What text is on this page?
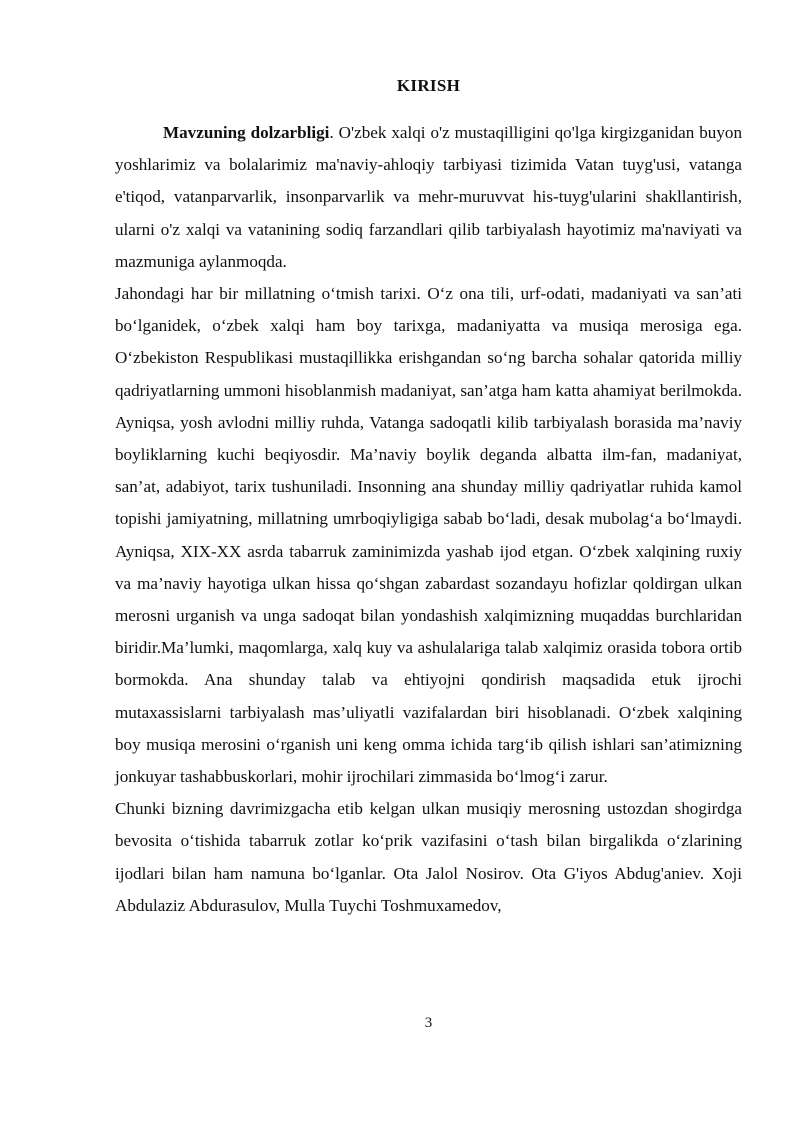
KIRISH

Mavzuning dolzarbligi. O'zbek xalqi o'z mustaqilligini qo'lga kirgizganidan buyon yoshlarimiz va bolalarimiz ma'naviy-ahloqiy tarbiyasi tizimida Vatan tuyg'usi, vatanga e'tiqod, vatanparvarlik, insonparvarlik va mehr-muruvvat his-tuyg'ularini shakllantirish, ularni o'z xalqi va vatanining sodiq farzandlari qilib tarbiyalash hayotimiz ma'naviyati va mazmuniga aylanmoqda.

Jahondagi har bir millatning oʻtmish tarixi. Oʻz ona tili, urf-odati, madaniyati va san’ati boʻlganidek, oʻzbek xalqi ham boy tarixga, madaniyatta va musiqa merosiga ega. Oʻzbekiston Respublikasi mustaqillikka erishgandan soʻng barcha sohalar qatorida milliy qadriyatlarning ummoni hisoblanmish madaniyat, san’atga ham katta ahamiyat berilmokda. Ayniqsa, yosh avlodni milliy ruhda, Vatanga sadoqatli kilib tarbiyalash borasida ma’naviy boyliklarning kuchi beqiyosdir. Ma’naviy boylik deganda albatta ilm-fan, madaniyat, san’at, adabiyot, tarix tushuniladi. Insonning ana shunday milliy qadriyatlar ruhida kamol topishi jamiyatning, millatning umrboqiyligiga sabab boʻladi, desak mubolagʻa boʻlmaydi. Ayniqsa, XIX-XX asrda tabarruk zaminimizda yashab ijod etgan. Oʻzbek xalqining ruxiy va ma’naviy hayotiga ulkan hissa qoʻshgan zabardast sozandayu hofizlar qoldirgan ulkan merosni urganish va unga sadoqat bilan yondashish xalqimizning muqaddas burchlaridan biridir.Ma’lumki, maqomlarga, xalq kuy va ashulalariga talab xalqimiz orasida tobora ortib bormokda. Ana shunday talab va ehtiyojni qondirish maqsadida etuk ijrochi mutaxassislarni tarbiyalash mas’uliyatli vazifalardan biri hisoblanadi. Oʻzbek xalqining boy musiqa merosini oʻrganish uni keng omma ichida targʻib qilish ishlari san’atimizning jonkuyar tashabbuskorlari, mohir ijrochilari zimmasida boʻlmogʻi zarur.

Chunki bizning davrimizgacha etib kelgan ulkan musiqiy merosning ustozdan shogirdga bevosita oʻtishida tabarruk zotlar koʻprik vazifasini oʻtash bilan birgalikda oʻzlarining ijodlari bilan ham namuna boʻlganlar. Ota Jalol Nosirov. Ota G'iyos Abdug'aniev. Xoji Abdulaziz Abdurasulov, Mulla Tuychi Toshmuxamedov,

3
